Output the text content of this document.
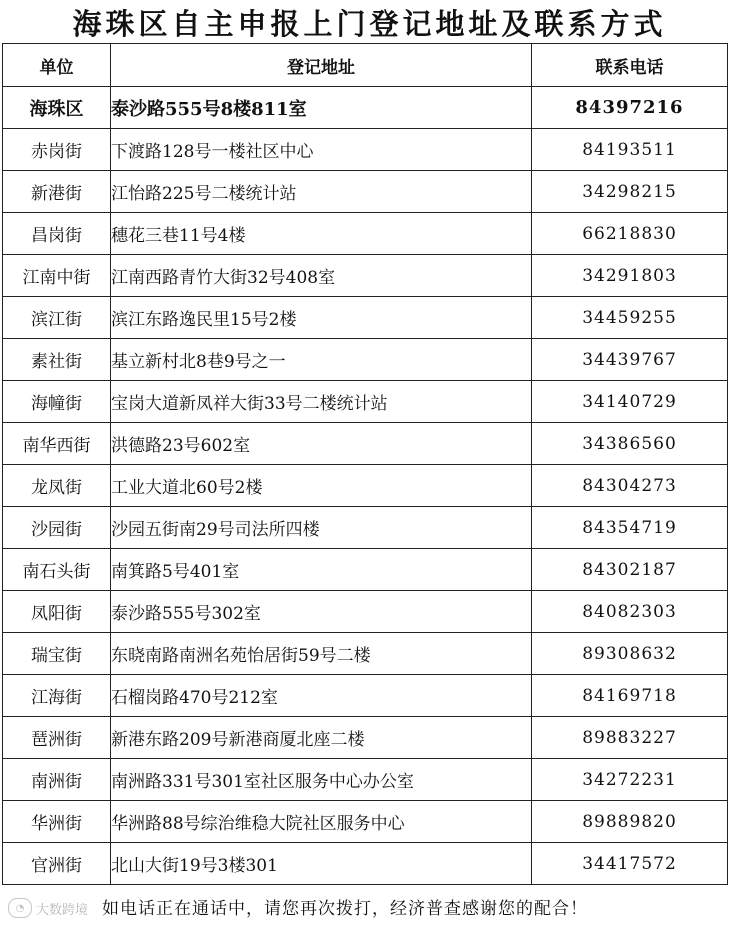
海珠区自主申报上门登记地址及联系方式
单位	登记地址	联系电话
海珠区	泰沙路555号8楼811室	84397216
赤岗街	下渡路128号一楼社区中心	84193511
新港街	江怡路225号二楼统计站	34298215
昌岗街	穗花三巷11号4楼	66218830
江南中街	江南西路青竹大街32号408室	34291803
滨江街	滨江东路逸民里15号2楼	34459255
素社街	基立新村北8巷9号之一	34439767
海幢街	宝岗大道新凤祥大街33号二楼统计站	34140729
南华西街	洪德路23号602室	34386560
龙凤街	工业大道北60号2楼	84304273
沙园街	沙园五街南29号司法所四楼	84354719
南石头街	南箕路5号401室	84302187
凤阳街	泰沙路555号302室	84082303
瑞宝街	东晓南路南洲名苑怡居街59号二楼	89308632
江海街	石榴岗路470号212室	84169718
琶洲街	新港东路209号新港商厦北座二楼	89883227
南洲街	南洲路331号301室社区服务中心办公室	34272231
华洲街	华洲路88号综治维稳大院社区服务中心	89889820
官洲街	北山大街19号3楼301	34417572
◔ 大数跨境 如电话正在通话中，请您再次拨打，经济普查感谢您的配合！
